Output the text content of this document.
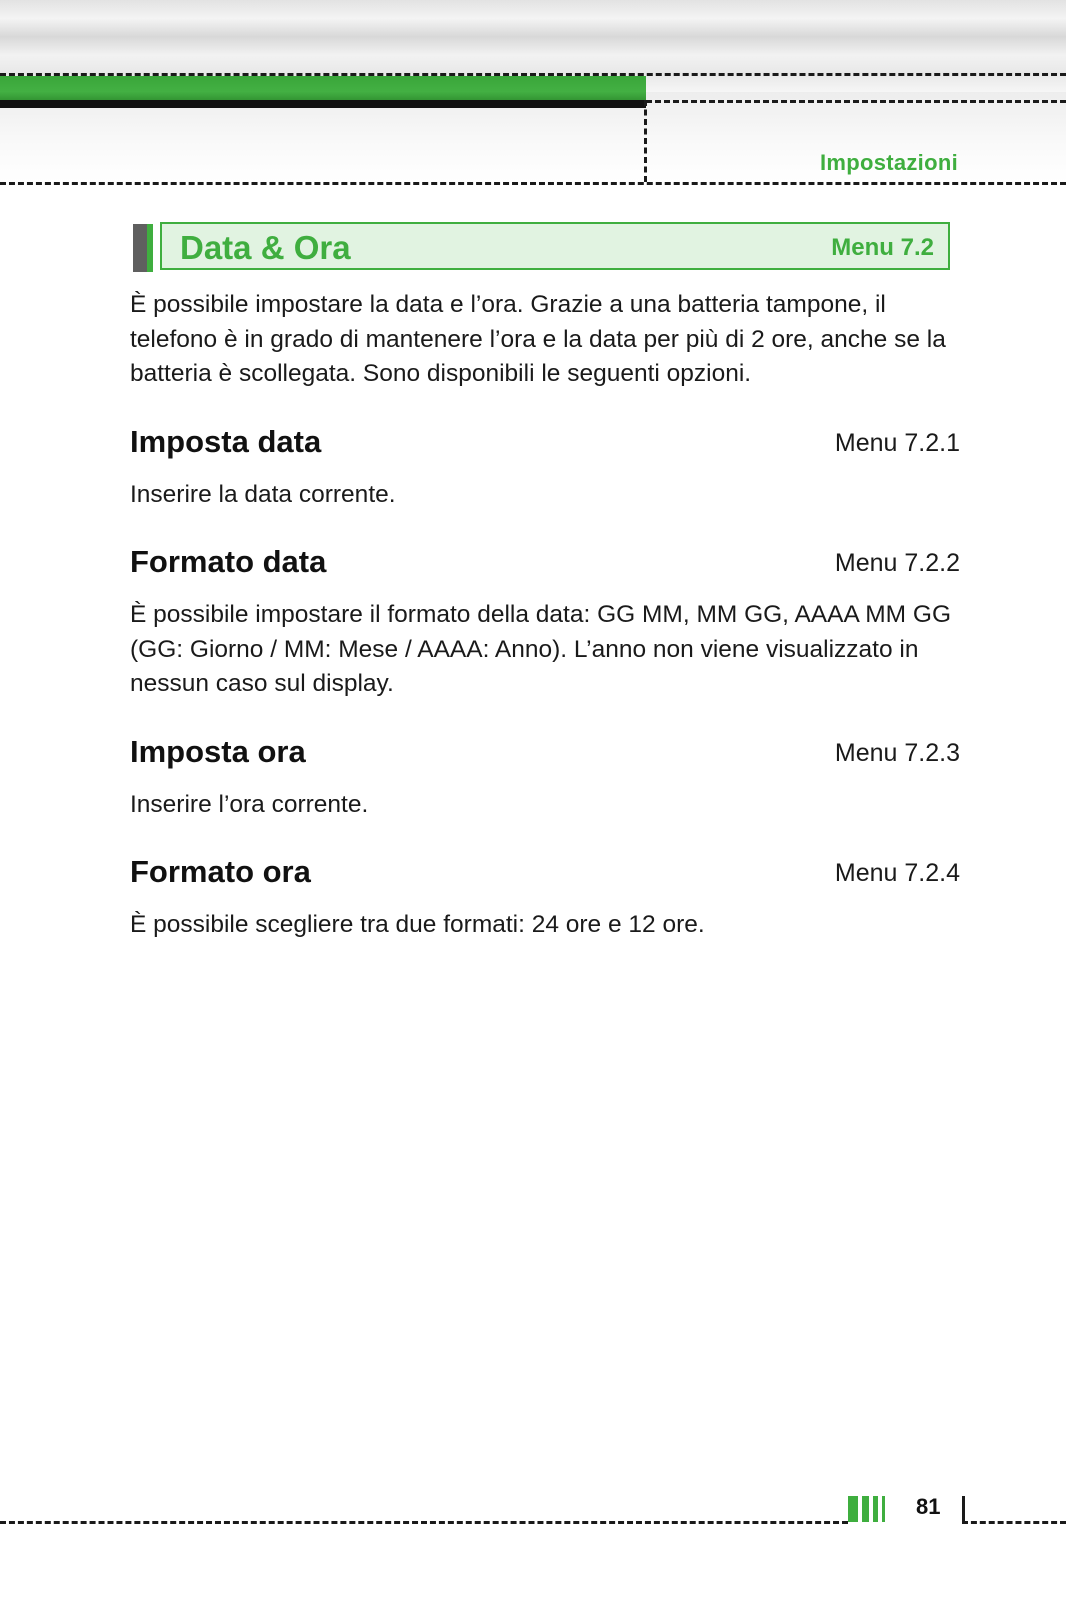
Impostazioni
Data & Ora	Menu 7.2

È possibile impostare la data e l’ora. Grazie a una batteria tampone, il telefono è in grado di mantenere l’ora e la data per più di 2 ore, anche se la batteria è scollegata. Sono disponibili le seguenti opzioni.

Imposta data	Menu 7.2.1

Inserire la data corrente.

Formato data	Menu 7.2.2

È possibile impostare il formato della data: GG MM, MM GG, AAAA MM GG (GG: Giorno / MM: Mese / AAAA: Anno). L’anno non viene visualizzato in nessun caso sul display.

Imposta ora	Menu 7.2.3

Inserire l’ora corrente.

Formato ora	Menu 7.2.4

È possibile scegliere tra due formati: 24 ore e 12 ore.

81
